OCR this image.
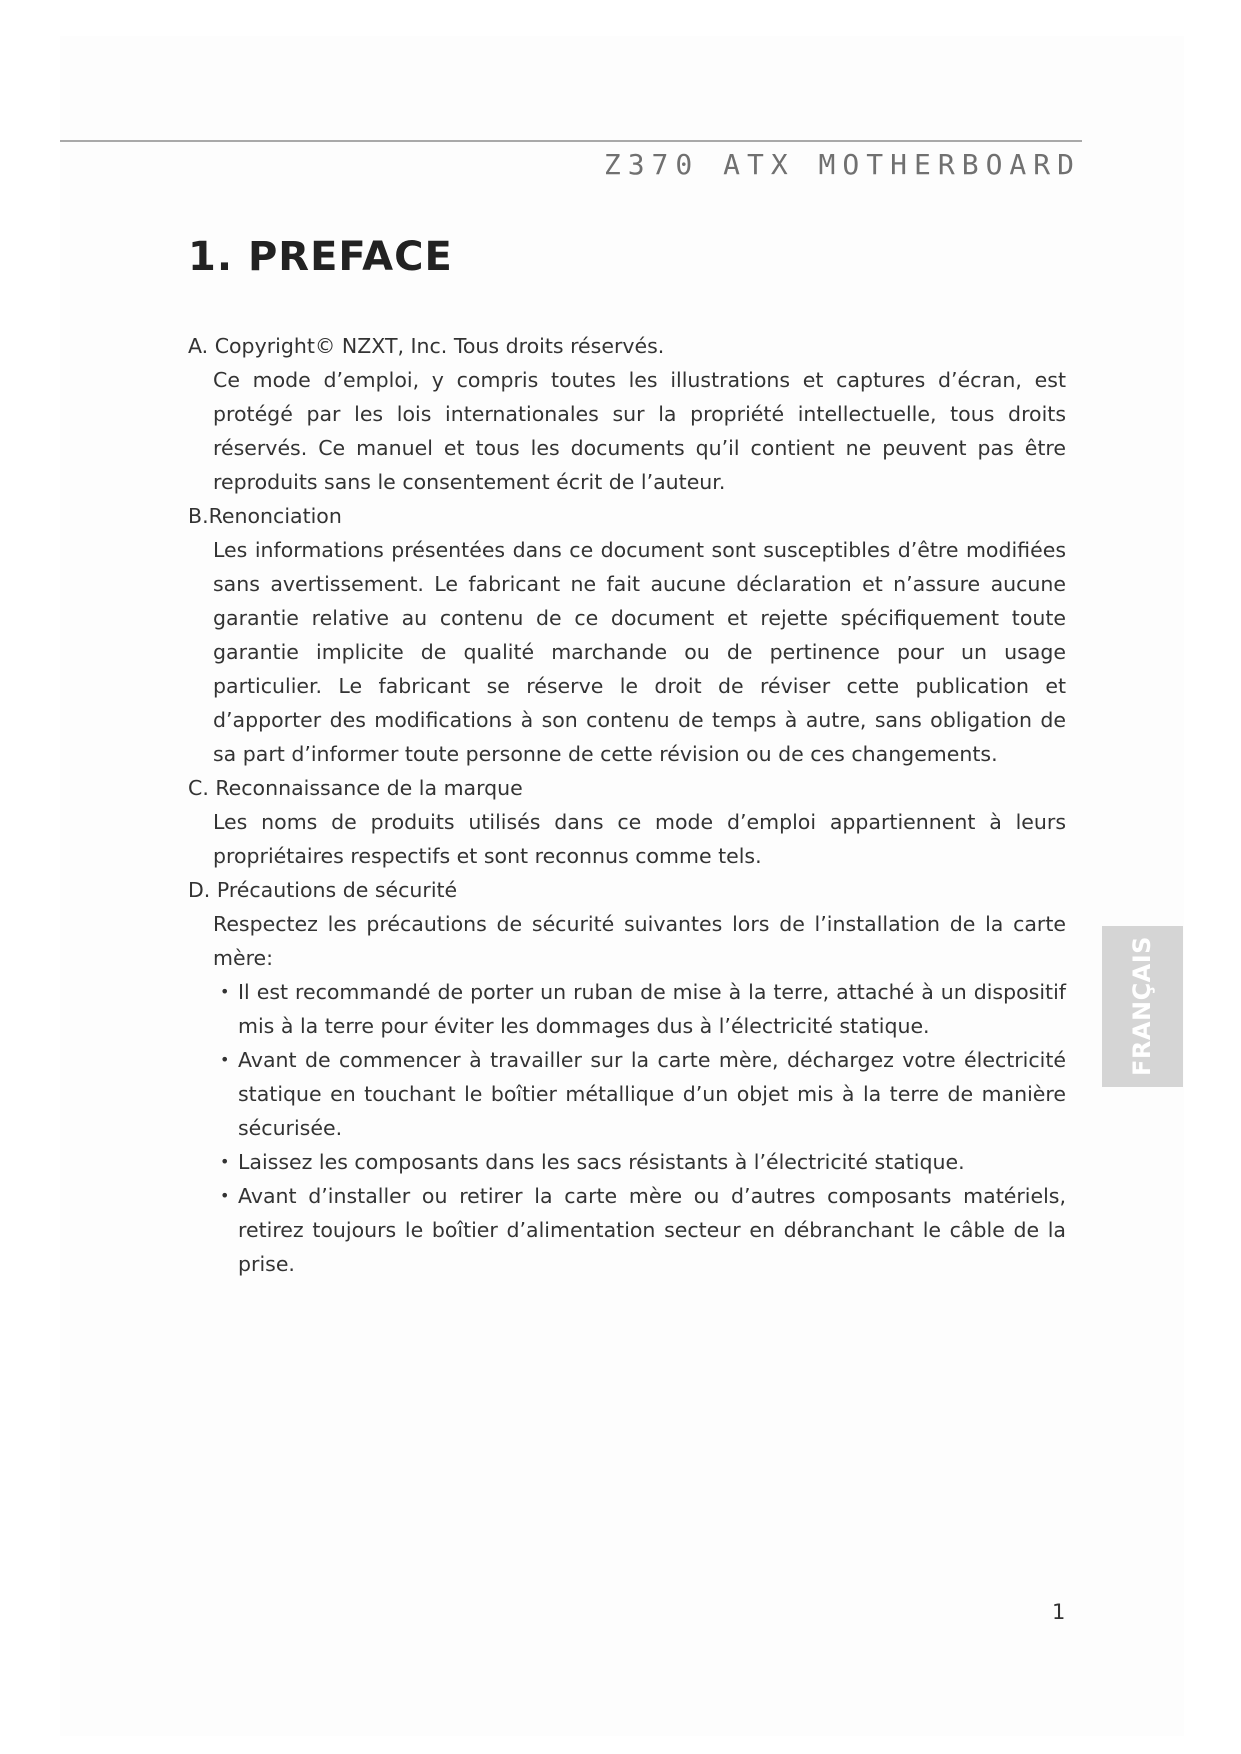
Z370 ATX MOTHERBOARD
1. PREFACE

A. Copyright© NZXT, Inc. Tous droits réservés.

Ce mode d’emploi, y compris toutes les illustrations et captures d’écran, est protégé par les lois internationales sur la propriété intellectuelle, tous droits réservés. Ce manuel et tous les documents qu’il contient ne peuvent pas être reproduits sans le consentement écrit de l’auteur.

B.Renonciation

Les informations présentées dans ce document sont susceptibles d’être modifiées sans avertissement. Le fabricant ne fait aucune déclaration et n’assure aucune garantie relative au contenu de ce document et rejette spécifiquement toute garantie implicite de qualité marchande ou de pertinence pour un usage particulier. Le fabricant se réserve le droit de réviser cette publication et d’apporter des modifications à son contenu de temps à autre, sans obligation de sa part d’informer toute personne de cette révision ou de ces changements.

C. Reconnaissance de la marque

Les noms de produits utilisés dans ce mode d’emploi appartiennent à leurs propriétaires respectifs et sont reconnus comme tels.

D. Précautions de sécurité

Respectez les précautions de sécurité suivantes lors de l’installation de la carte mère:

• Il est recommandé de porter un ruban de mise à la terre, attaché à un dispositif mis à la terre pour éviter les dommages dus à l’électricité statique.
• Avant de commencer à travailler sur la carte mère, déchargez votre électricité statique en touchant le boîtier métallique d’un objet mis à la terre de manière sécurisée.
• Laissez les composants dans les sacs résistants à l’électricité statique.
• Avant d’installer ou retirer la carte mère ou d’autres composants matériels, retirez toujours le boîtier d’alimentation secteur en débranchant le câble de la prise.
FRANÇAIS
1
